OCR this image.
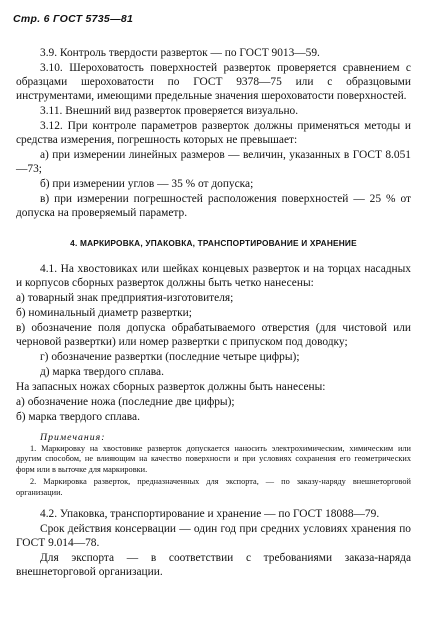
Стр. 6 ГОСТ 5735—81

3.9. Контроль твердости разверток — по ГОСТ 9013—59.

3.10. Шероховатость поверхностей разверток проверяется сравнением с образцами шероховатости по ГОСТ 9378—75 или с образцовыми инструментами, имеющими предельные значения шероховатости поверхностей.

3.11. Внешний вид разверток проверяется визуально.

3.12. При контроле параметров разверток должны применяться методы и средства измерения, погрешность которых не превышает:

а) при измерении линейных размеров — величин, указанных в ГОСТ 8.051—73;

б) при измерении углов — 35 % от допуска;

в) при измерении погрешностей расположения поверхностей — 25 % от допуска на проверяемый параметр.

4. МАРКИРОВКА, УПАКОВКА, ТРАНСПОРТИРОВАНИЕ И ХРАНЕНИЕ

4.1. На хвостовиках или шейках концевых разверток и на торцах насадных и корпусов сборных разверток должны быть четко нанесены:

а) товарный знак предприятия-изготовителя;

б) номинальный диаметр развертки;

в) обозначение поля допуска обрабатываемого отверстия (для чистовой или черновой развертки) или номер развертки с припуском под доводку;

г) обозначение развертки (последние четыре цифры);

д) марка твердого сплава.

На запасных ножах сборных разверток должны быть нанесены:

а) обозначение ножа (последние две цифры);

б) марка твердого сплава.

Примечания:

1. Маркировку на хвостовике разверток допускается наносить электрохимическим, химическим или другим способом, не влияющим на качество поверхности и при условиях сохранения его геометрических форм или в выточке для маркировки.

2. Маркировка разверток, предназначенных для экспорта, — по заказу-наряду внешнеторговой организации.

4.2. Упаковка, транспортирование и хранение — по ГОСТ 18088—79.

Срок действия консервации — один год при средних условиях хранения по ГОСТ 9.014—78.

Для экспорта — в соответствии с требованиями заказа-наряда внешнеторговой организации.
